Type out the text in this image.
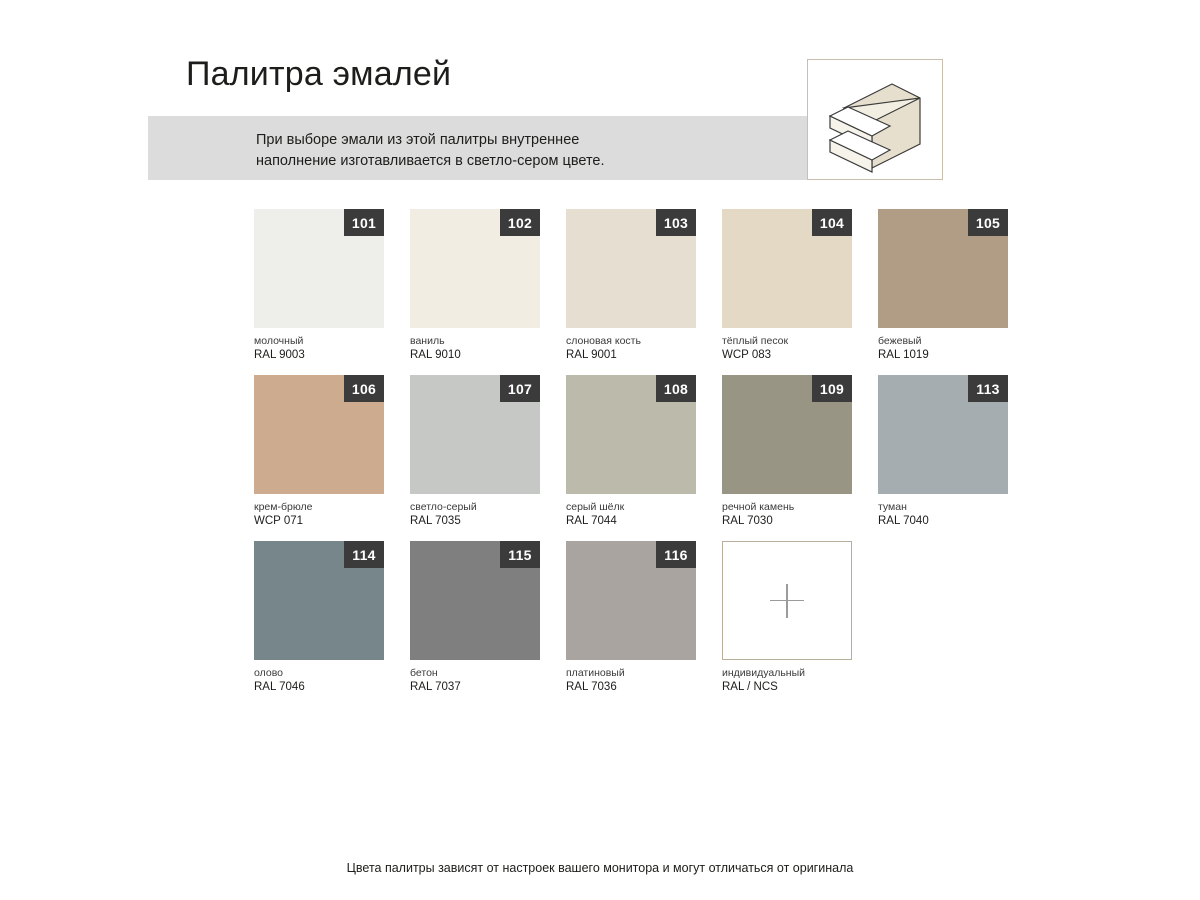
Палитра эмалей
При выборе эмали из этой палитры внутреннее
наполнение изготавливается в светло-сером цвете.
101
молочный
RAL 9003
102
ваниль
RAL 9010
103
слоновая кость
RAL 9001
104
тёплый песок
WCP 083
105
бежевый
RAL 1019
106
крем-брюле
WCP 071
107
светло-серый
RAL 7035
108
серый шёлк
RAL 7044
109
речной камень
RAL 7030
113
туман
RAL 7040
114
олово
RAL 7046
115
бетон
RAL 7037
116
платиновый
RAL 7036
индивидуальный
RAL / NCS
Цвета палитры зависят от настроек вашего монитора и могут отличаться от оригинала
